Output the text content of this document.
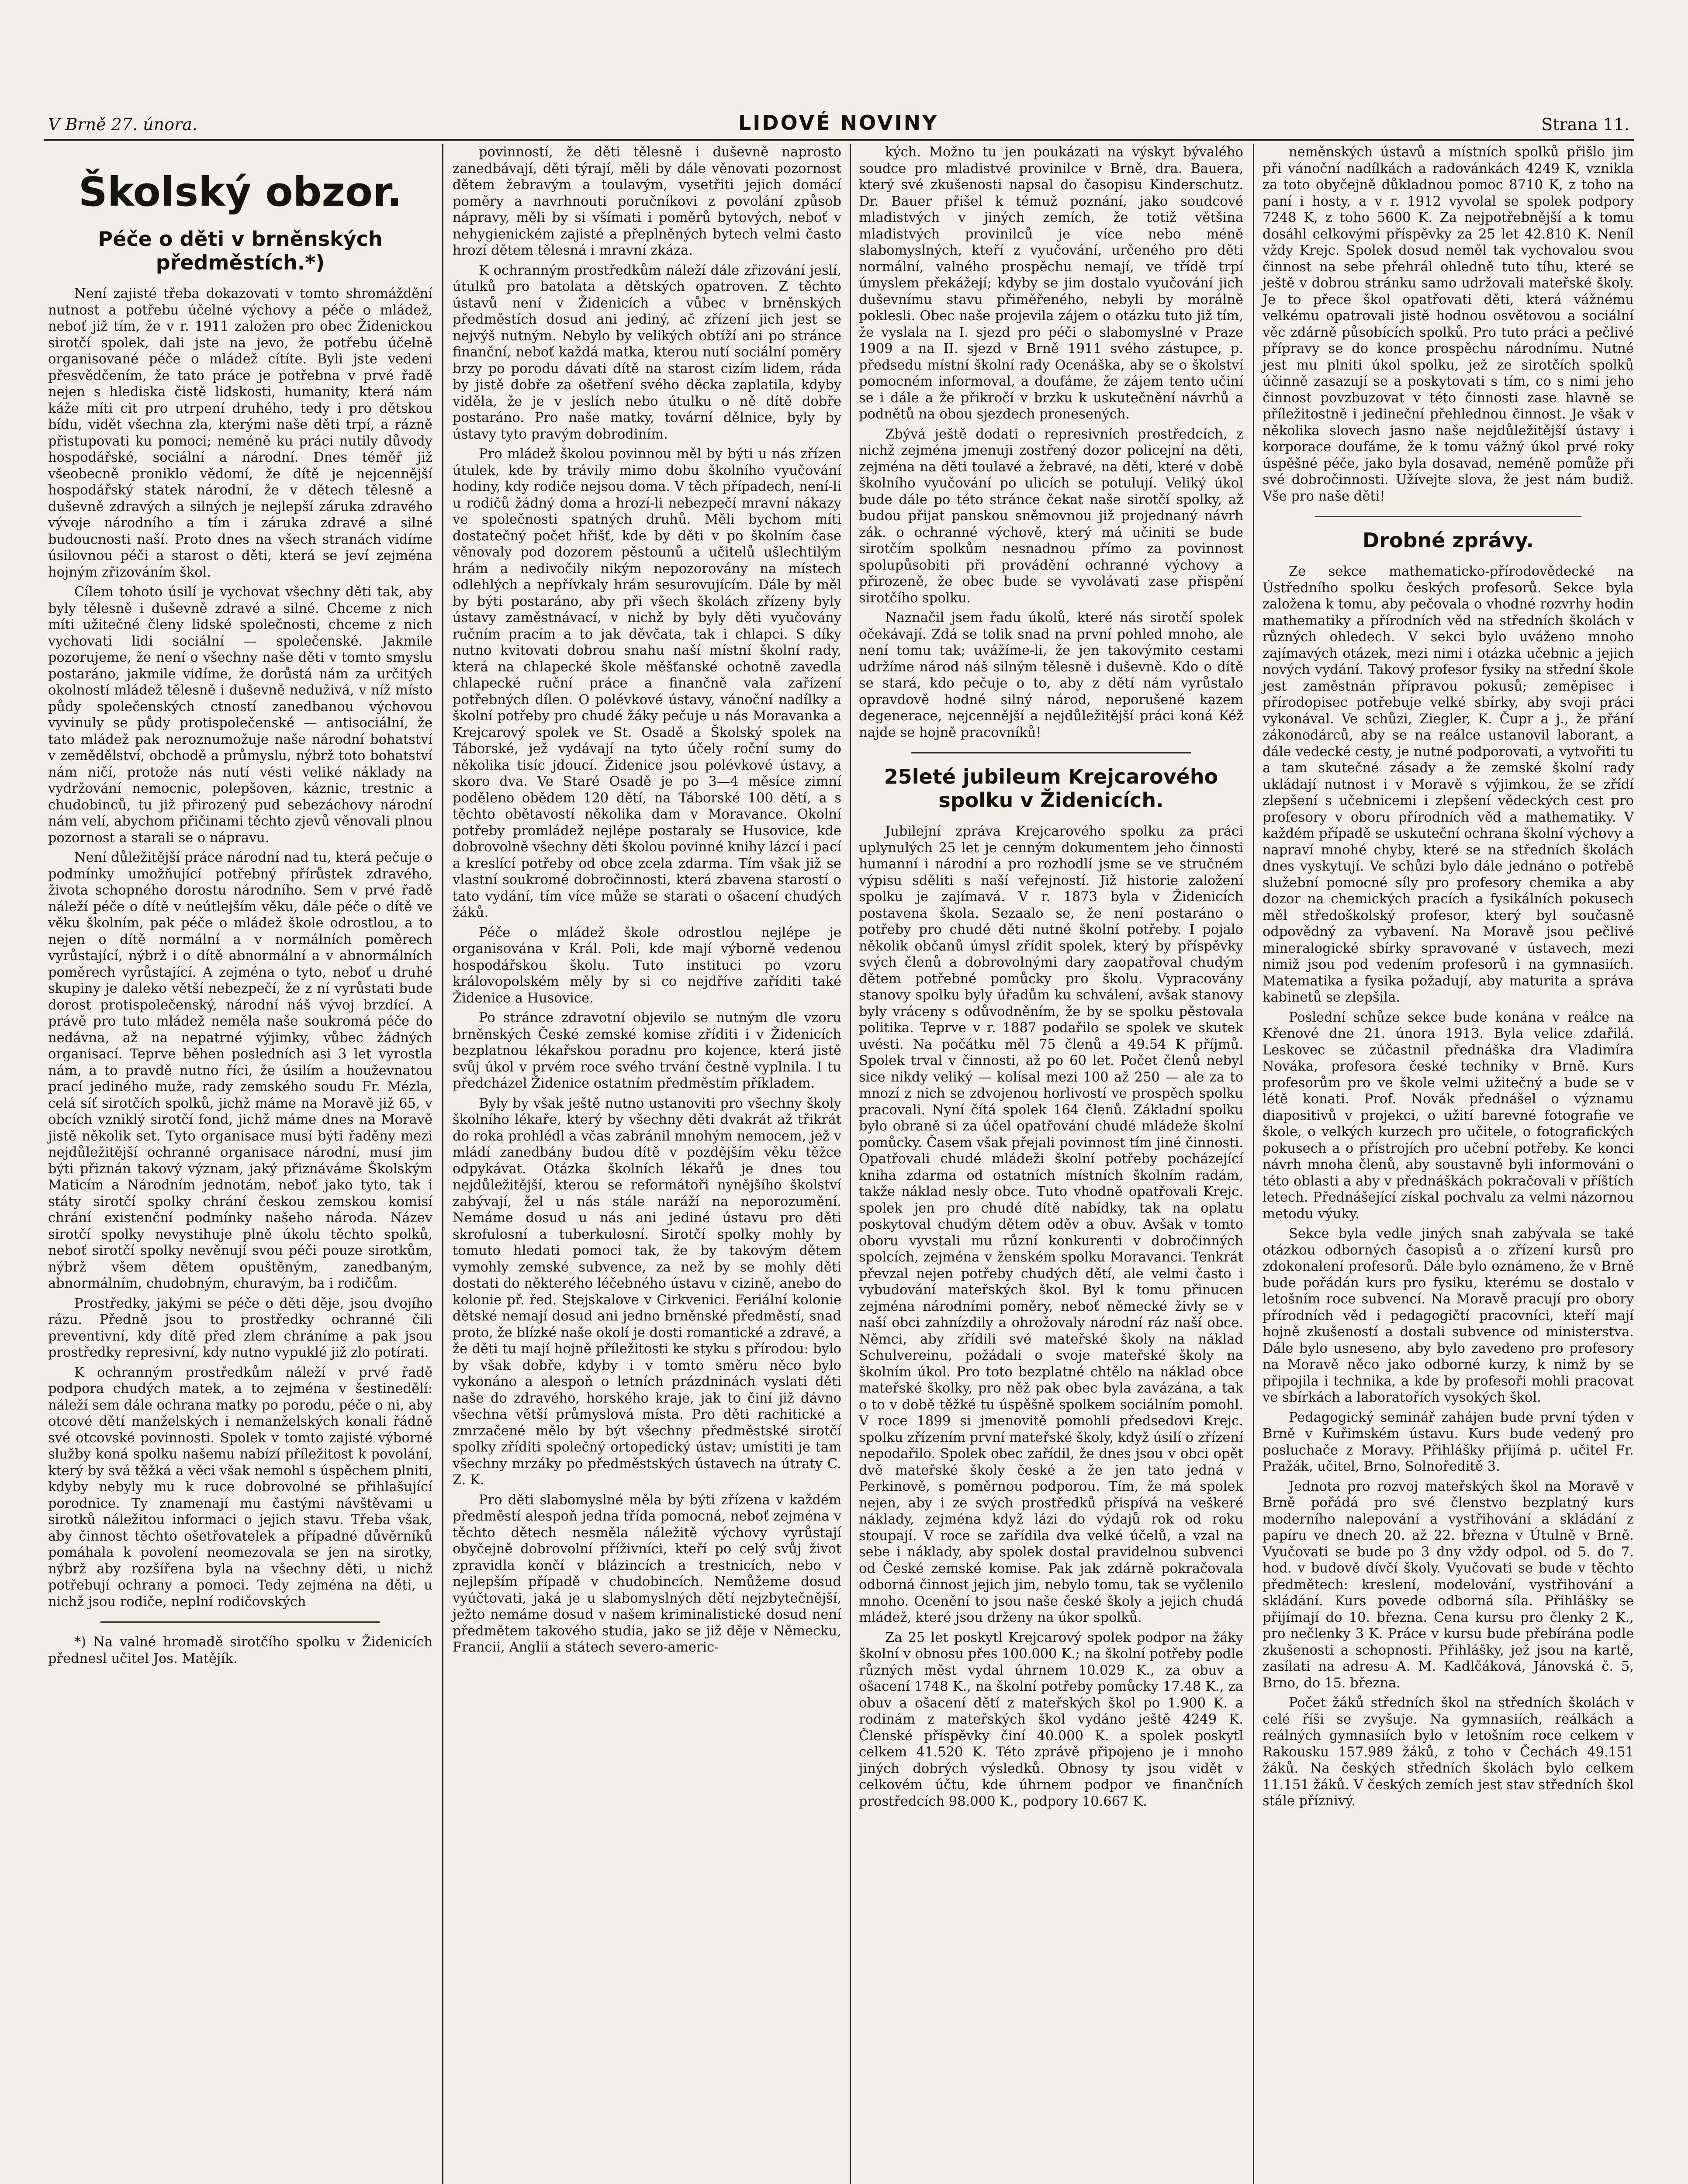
V Brně 27. února.	LIDOVÉ NOVINY	Strana 11.
Školský obzor.
Péče o děti v brněnských předměstích.*)

Není zajisté třeba dokazovati v tomto shromáždění nutnost a potřebu účelné výchovy a péče o mládež, neboť již tím, že v r. 1911 založen pro obec Židenickou sirotčí spolek, dali jste na jevo, že potřebu účelně organisované péče o mládež cítíte. Byli jste vedeni přesvědčením, že tato práce je potřebna v prvé řadě nejen s hlediska čistě lidskosti, humanity, která nám káže míti cit pro utrpení druhého, tedy i pro dětskou bídu, vidět všechna zla, kterými naše děti trpí, a rázně přistupovati ku pomoci; neméně ku práci nutily důvody hospodářské, sociální a národní. Dnes téměř již všeobecně proniklo vědomí, že dítě je nejcennější hospodářský statek národní, že v dětech tělesně a duševně zdravých a silných je nejlepší záruka zdravého vývoje národního a tím i záruka zdravé a silné budoucnosti naší. Proto dnes na všech stranách vidíme úsilovnou péči a starost o děti, která se jeví zejména hojným zřizováním škol.

Cílem tohoto úsilí je vychovat všechny děti tak, aby byly tělesně i duševně zdravé a silné. Chceme z nich míti užitečné členy lidské společnosti, chceme z nich vychovati lidi sociální — společenské. Jakmile pozorujeme, že není o všechny naše děti v tomto smyslu postaráno, jakmile vidíme, že dorůstá nám za určitých okolností mládež tělesně i duševně neduživá, v níž místo půdy společenských ctností zanedbanou výchovou vyvinuly se půdy protispolečenské — antisociální, že tato mládež pak neroznumožuje naše národní bohatství v zemědělství, obchodě a průmyslu, nýbrž toto bohatství nám ničí, protože nás nutí vésti veliké náklady na vydržování nemocnic, polepšoven, káznic, trestnic a chudobinců, tu již přirozený pud sebezáchovy národní nám velí, abychom přičinami těchto zjevů věnovali plnou pozornost a starali se o nápravu.

Není důležitější práce národní nad tu, která pečuje o podmínky umožňující potřebný přírůstek zdravého, života schopného dorostu národního. Sem v prvé řadě náleží péče o dítě v neútlejším věku, dále péče o dítě ve věku školním, pak péče o mládež škole odrostlou, a to nejen o dítě normální a v normálních poměrech vyrůstající, nýbrž i o dítě abnormální a v abnormálních poměrech vyrůstající. A zejména o tyto, neboť u druhé skupiny je daleko větší nebezpečí, že z ní vyrůstati bude dorost protispolečenský, národní náš vývoj brzdící. A právě pro tuto mládež neměla naše soukromá péče do nedávna, až na nepatrné výjimky, vůbec žádných organisací. Teprve běhen posledních asi 3 let vyrostla nám, a to pravdě nutno říci, že úsilím a houževnatou prací jediného muže, rady zemského soudu Fr. Mézla, celá síť sirotčích spolků, jichž máme na Moravě již 65, v obcích vzniklý sirotčí fond, jichž máme dnes na Moravě jistě několik set. Tyto organisace musí býti řaděny mezi nejdůležitější ochranné organisace národní, musí jim býti přiznán takový význam, jaký přiznáváme Školským Maticím a Národním jednotám, neboť jako tyto, tak i státy sirotčí spolky chrání českou zemskou komisí chrání existenční podmínky našeho národa. Název sirotčí spolky nevystihuje plně úkolu těchto spolků, neboť sirotčí spolky nevěnují svou péči pouze sirotkům, nýbrž všem dětem opuštěným, zanedbaným, abnormálním, chudobným, churavým, ba i rodičům.

Prostředky, jakými se péče o děti děje, jsou dvojího rázu. Předně jsou to prostředky ochranné čili preventivní, kdy dítě před zlem chráníme a pak jsou prostředky represivní, kdy nutno vypuklé již zlo potírati.

K ochranným prostředkům náleží v prvé řadě podpora chudých matek, a to zejména v šestinedělí: náleží sem dále ochrana matky po porodu, péče o ni, aby otcové dětí manželských i nemanželských konali řádně své otcovské povinnosti. Spolek v tomto zajisté výborné služby koná spolku našemu nabízí příležitost k povolání, který by svá těžká a věci však nemohl s úspěchem plniti, kdyby nebyly mu k ruce dobrovolné se přihlašující porodnice. Ty znamenají mu častými návštěvami u sirotků náležitou informaci o jejich stavu. Třeba však, aby činnost těchto ošetřovatelek a případné důvěrníků pomáhala k povolení neomezovala se jen na sirotky, nýbrž aby rozšířena byla na všechny děti, u nichž potřebují ochrany a pomoci. Tedy zejména na děti, u nichž jsou rodiče, neplní rodičovských

*) Na valné hromadě sirotčího spolku v Židenicích přednesl učitel Jos. Matějík.

povinností, že děti tělesně i duševně naprosto zanedbávají, děti týrají, měli by dále věnovati pozornost dětem žebravým a toulavým, vysetřiti jejich domácí poměry a navrhnouti poručníkovi z povolání způsob nápravy, měli by si všímati i poměrů bytových, neboť v nehygienickém zajisté a přeplněných bytech velmi často hrozí dětem tělesná i mravní zkáza.

K ochranným prostředkům náleží dále zřizování jeslí, útulků pro batolata a dětských opatroven. Z těchto ústavů není v Židenicích a vůbec v brněnských předměstích dosud ani jediný, ač zřízení jich jest se nejvýš nutným. Nebylo by velikých obtíží ani po stránce finanční, neboť každá matka, kterou nutí sociální poměry brzy po porodu dávati dítě na starost cizím lidem, ráda by jistě dobře za ošetření svého děcka zaplatila, kdyby viděla, že je v jeslích nebo útulku o ně dítě dobře postaráno. Pro naše matky, tovární dělnice, byly by ústavy tyto pravým dobrodiním.

Pro mládež školou povinnou měl by býti u nás zřízen útulek, kde by trávily mimo dobu školního vyučování hodiny, kdy rodiče nejsou doma. V těch případech, není-li u rodičů žádný doma a hrozí-li nebezpečí mravní nákazy ve společnosti spatných druhů. Měli bychom míti dostatečný počet hřišť, kde by děti v po školním čase věnovaly pod dozorem pěstounů a učitelů ušlechtilým hrám a nedivočily nikým nepozorovány na místech odlehlých a nepřívkaly hrám sesurovujícím. Dále by měl by býti postaráno, aby při všech školách zřízeny byly ústavy zaměstnávací, v nichž by byly děti vyučovány ručním pracím a to jak děvčata, tak i chlapci. S díky nutno kvitovati dobrou snahu naší místní školní rady, která na chlapecké škole měšťanské ochotně zavedla chlapecké ruční práce a finančně vala zařízení potřebných dílen. O polévkové ústavy, vánoční nadílky a školní potřeby pro chudé žáky pečuje u nás Moravanka a Krejcarový spolek ve St. Osadě a Školský spolek na Táborské, jež vydávají na tyto účely roční sumy do několika tisíc jdoucí. Židenice jsou polévkové ústavy, a skoro dva. Ve Staré Osadě je po 3—4 měsíce zimní poděleno obědem 120 dětí, na Táborské 100 dětí, a s těchto obětavostí několika dam v Moravance. Okolní potřeby promládež nejlépe postaraly se Husovice, kde dobrovolně všechny děti školou povinné knihy lázcí i pací a kreslící potřeby od obce zcela zdarma. Tím však již se vlastní soukromé dobročinnosti, která zbavena starostí o tato vydání, tím více může se starati o ošacení chudých žáků.

Péče o mládež škole odrostlou nejlépe je organisována v Král. Poli, kde mají výborně vedenou hospodářskou školu. Tuto instituci po vzoru královopolském měly by si co nejdříve zaříditi také Židenice a Husovice.

Po stránce zdravotní objevilo se nutným dle vzoru brněnských České zemské komise zříditi i v Židenicích bezplatnou lékařskou poradnu pro kojence, která jistě svůj úkol v prvém roce svého trvání čestně vyplnila. I tu předcházel Židenice ostatním předměstím příkladem.

Byly by však ještě nutno ustanoviti pro všechny školy školního lékaře, který by všechny děti dvakrát až třikrát do roka prohlédl a včas zabránil mnohým nemocem, jež v mládí zanedbány budou dítě v pozdějším věku těžce odpykávat. Otázka školních lékařů je dnes tou nejdůležitější, kterou se reformátoři nynějšího školství zabývají, žel u nás stále naráží na neporozumění. Nemáme dosud u nás ani jediné ústavu pro děti skrofulosní a tuberkulosní. Sirotčí spolky mohly by tomuto hledati pomoci tak, že by takovým dětem vymohly zemské subvence, za než by se mohly děti dostati do některého léčebného ústavu v cizině, anebo do kolonie př. řed. Stejskalove v Cirkvenici. Feriální kolonie dětské nemají dosud ani jedno brněnské předměstí, snad proto, že blízké naše okolí je dosti romantické a zdravé, a že děti tu mají hojně příležitosti ke styku s přírodou: bylo by však dobře, kdyby i v tomto směru něco bylo vykonáno a alespoň o letních prázdninách vyslati děti naše do zdravého, horského kraje, jak to činí již dávno všechna větší průmyslová místa. Pro děti rachitické a zmrzačené mělo by být všechny předměstské sirotčí spolky zříditi společný ortopedický ústav; umístiti je tam všechny mrzáky po předměstských ústavech na útraty C. Z. K.

Pro děti slabomyslné měla by býti zřízena v každém předměstí alespoň jedna třída pomocná, neboť zejména v těchto dětech nesměla náležitě výchovy vyrůstají obyčejně dobrovolní příživníci, kteří po celý svůj život zpravidla končí v blázincích a trestnicích, nebo v nejlepším případě v chudobincích. Nemůžeme dosud vyúčtovati, jaká je u slabomyslných dětí nejzbytečnější, ježto nemáme dosud v našem kriminalistické dosud není předmětem takového studia, jako se již děje v Německu, Francii, Anglii a státech severo-americ-

kých. Možno tu jen poukázati na výskyt bývalého soudce pro mladistvé provinilce v Brně, dra. Bauera, který své zkušenosti napsal do časopisu Kinderschutz. Dr. Bauer přišel k témuž poznání, jako soudcové mladistvých v jiných zemích, že totiž většina mladistvých provinilců je více nebo méně slabomyslných, kteří z vyučování, určeného pro děti normální, valného prospěchu nemají, ve třídě trpí úmyslem překážejí; kdyby se jim dostalo vyučování jich duševnímu stavu přiměřeného, nebyli by morálně poklesli. Obec naše projevila zájem o otázku tuto již tím, že vyslala na I. sjezd pro péči o slabomyslné v Praze 1909 a na II. sjezd v Brně 1911 svého zástupce, p. předsedu místní školní rady Ocenáška, aby se o školství pomocném informoval, a doufáme, že zájem tento učiní se i dále a že přikročí v brzku k uskutečnění návrhů a podnětů na obou sjezdech pronesených.

Zbývá ještě dodati o represivních prostředcích, z nichž zejména jmenuji zostřený dozor policejní na děti, zejména na děti toulavé a žebravé, na děti, které v době školního vyučování po ulicích se potulují. Veliký úkol bude dále po této stránce čekat naše sirotčí spolky, až budou přijat panskou sněmovnou již projednaný návrh zák. o ochranné výchově, který má učiniti se bude sirotčím spolkům nesnadnou přímo za povinnost spolupůsobiti při provádění ochranné výchovy a přirozeně, že obec bude se vyvolávati zase přispění sirotčího spolku.

Naznačil jsem řadu úkolů, které nás sirotčí spolek očekávají. Zdá se tolik snad na první pohled mnoho, ale není tomu tak; uvážíme-li, že jen takovýmito cestami udržíme národ náš silným tělesně i duševně. Kdo o dítě se stará, kdo pečuje o to, aby z dětí nám vyrůstalo opravdově hodné silný národ, neporušené kazem degenerace, nejcennější a nejdůležitější práci koná Kéž najde se hojně pracovníků!

25leté jubileum Krejcarového spolku v Židenicích.

Jubilejní zpráva Krejcarového spolku za práci uplynulých 25 let je cenným dokumentem jeho činnosti humanní i národní a pro rozhodlí jsme se ve stručném výpisu sděliti s naší veřejností. Již historie založení spolku je zajímavá. V r. 1873 byla v Židenicích postavena škola. Sezaalo se, že není postaráno o potřeby pro chudé děti nutné školní potřeby. I pojalo několik občanů úmysl zřídit spolek, který by příspěvky svých členů a dobrovolnými dary zaopatřoval chudým dětem potřebné pomůcky pro školu. Vypracovány stanovy spolku byly úřadům ku schválení, avšak stanovy byly vráceny s odůvodněním, že by se spolku pěstovala politika. Teprve v r. 1887 podařilo se spolek ve skutek uvésti. Na počátku měl 75 členů a 49.54 K příjmů. Spolek trval v činnosti, až po 60 let. Počet členů nebyl sice nikdy veliký — kolísal mezi 100 až 250 — ale za to mnozí z nich se zdvojenou horlivostí ve prospěch spolku pracovali. Nyní čítá spolek 164 členů. Základní spolku bylo obraně si za účel opatřování chudé mládeže školní pomůcky. Časem však přejali povinnost tím jiné činnosti. Opatřovali chudé mládeži školní potřeby pocházející kniha zdarma od ostatních místních školním radám, takže náklad nesly obce. Tuto vhodně opatřovali Krejc. spolek jen pro chudé dítě nabídky, tak na oplatu poskytoval chudým dětem oděv a obuv. Avšak v tomto oboru vyvstali mu různí konkurenti v dobročinných spolcích, zejména v ženském spolku Moravanci. Tenkrát převzal nejen potřeby chudých dětí, ale velmi často i vybudování mateřských škol. Byl k tomu přinucen zejména národními poměry, neboť německé živly se v naší obci zahnízdily a ohrožovaly národní ráz naší obce. Němci, aby zřídili své mateřské školy na náklad Schulvereinu, požádali o svoje mateřské školy na školním úkol. Pro toto bezplatné chtělo na náklad obce mateřské školky, pro něž pak obec byla zavázána, a tak o to v době těžké tu úspěšně spolkem sociálním pomohl. V roce 1899 si jmenovitě pomohli předsedovi Krejc. spolku zřízením první mateřské školy, když úsilí o zřízení nepodařilo. Spolek obec zařídil, že dnes jsou v obci opět dvě mateřské školy české a že jen tato jedná v Perkinově, s poměrnou podporou. Tím, že má spolek nejen, aby i ze svých prostředků přispívá na veškeré náklady, zejména když lázi do výdajů rok od roku stoupají. V roce se zařídila dva velké účelů, a vzal na sebe i náklady, aby spolek dostal pravidelnou subvenci od České zemské komise. Pak jak zdárně pokračovala odborná činnost jejich jim, nebylo tomu, tak se vyčlenilo mnoho. Ocenění to jsou naše české školy a jejich chudá mládež, které jsou drženy na úkor spolků.

Za 25 let poskytl Krejcarový spolek podpor na žáky školní v obnosu přes 100.000 K.; na školní potřeby podle různých měst vydal úhrnem 10.029 K., za obuv a ošacení 1748 K., na školní potřeby pomůcky 17.48 K., za obuv a ošacení dětí z mateřských škol po 1.900 K. a rodinám z mateřských škol vydáno ještě 4249 K. Členské příspěvky činí 40.000 K. a spolek poskytl celkem 41.520 K. Této zprávě připojeno je i mnoho jiných dobrých výsledků. Obnosy ty jsou vidět v celkovém účtu, kde úhrnem podpor ve finančních prostředcích 98.000 K., podpory 10.667 K.

neměnských ústavů a místních spolků přišlo jim při vánoční nadílkách a radovánkách 4249 K, vznikla za toto obyčejně důkladnou pomoc 8710 K, z toho na paní i hosty, a v r. 1912 vyvolal se spolek podpory 7248 K, z toho 5600 K. Za nejpotřebnější a k tomu dosáhl celkovými příspěvky za 25 let 42.810 K. Neníl vždy Krejc. Spolek dosud neměl tak vychovalou svou činnost na sebe přehrál ohledně tuto tíhu, které se ještě v dobrou stránku samo udržovali mateřské školy. Je to přece škol opatřovati děti, která vážnému velkému opatrovali jistě hodnou osvětovou a sociální věc zdárně působících spolků. Pro tuto práci a pečlivé přípravy se do konce prospěchu národnímu. Nutné jest mu plniti úkol spolku, jež ze sirotčích spolků účinně zasazují se a poskytovati s tím, co s nimi jeho činnost povzbuzovat v této činnosti zase hlavně se příležitostně i jedineční přehlednou činnost. Je však v několika slovech jasno naše nejdůležitější ústavy i korporace doufáme, že k tomu vážný úkol prvé roky úspěšné péče, jako byla dosavad, neméně pomůže při své dobročinnosti. Užívejte slova, že jest nám budiž. Vše pro naše děti!

Drobné zprávy.

Ze sekce mathematicko-přírodovědecké na Ústředního spolku českých profesorů. Sekce byla založena k tomu, aby pečovala o vhodné rozvrhy hodin mathematiky a přírodních věd na středních školách v různých ohledech. V sekci bylo uváženo mnoho zajímavých otázek, mezi nimi i otázka učebnic a jejich nových vydání. Takový profesor fysiky na střední škole jest zaměstnán přípravou pokusů; zeměpisec i přírodopisec potřebuje velké sbírky, aby svoji práci vykonával. Ve schůzi, Ziegler, K. Čupr a j., že přání zákonodárců, aby se na reálce ustanovil laborant, a dále vedecké cesty, je nutné podporovati, a vytvořiti tu a tam skutečné zásady a že zemské školní rady ukládají nutnost i v Moravě s výjimkou, že se zřídí zlepšení s učebnicemi i zlepšení vědeckých cest pro profesory v oboru přírodních věd a mathematiky. V každém případě se uskuteční ochrana školní výchovy a napraví mnohé chyby, které se na středních školách dnes vyskytují. Ve schůzi bylo dále jednáno o potřebě služební pomocné síly pro profesory chemika a aby dozor na chemických pracích a fysikálních pokusech měl středoškolský profesor, který byl současně odpovědný za vybavení. Na Moravě jsou pečlivé mineralogické sbírky spravované v ústavech, mezi nimiž jsou pod vedením profesorů i na gymnasiích. Matematika a fysika požadují, aby maturita a správa kabinetů se zlepšila.

Poslední schůze sekce bude konána v reálce na Křenové dne 21. února 1913. Byla velice zdařilá. Leskovec se zúčastnil přednáška dra Vladimíra Nováka, profesora české techniky v Brně. Kurs profesorům pro ve škole velmi užitečný a bude se v létě konati. Prof. Novák přednášel o významu diapositivů v projekci, o užití barevné fotografie ve škole, o velkých kurzech pro učitele, o fotografických pokusech a o přístrojích pro učební potřeby. Ke konci návrh mnoha členů, aby soustavně byli informováni o této oblasti a aby v přednáškách pokračovali v příštích letech. Přednášející získal pochvalu za velmi názornou metodu výuky.

Sekce byla vedle jiných snah zabývala se také otázkou odborných časopisů a o zřízení kursů pro zdokonalení profesorů. Dále bylo oznámeno, že v Brně bude pořádán kurs pro fysiku, kterému se dostalo v letošním roce subvencí. Na Moravě pracují pro obory přírodních věd i pedagogičtí pracovníci, kteří mají hojně zkušeností a dostali subvence od ministerstva. Dále bylo usneseno, aby bylo zavedeno pro profesory na Moravě něco jako odborné kurzy, k nimž by se připojila i technika, a kde by profesoři mohli pracovat ve sbírkách a laboratořích vysokých škol.

Pedagogický seminář zahájen bude první týden v Brně v Kuřimském ústavu. Kurs bude vedený pro posluchače z Moravy. Přihlášky přijímá p. učitel Fr. Pražák, učitel, Brno, Solnoředitě 3.

Jednota pro rozvoj mateřských škol na Moravě v Brně pořádá pro své členstvo bezplatný kurs moderního nalepování a vystřihování a skládání z papíru ve dnech 20. až 22. března v Útulně v Brně. Vyučovati se bude po 3 dny vždy odpol. od 5. do 7. hod. v budově dívčí školy. Vyučovati se bude v těchto předmětech: kreslení, modelování, vystřihování a skládání. Kurs povede odborná síla. Přihlášky se přijímají do 10. března. Cena kursu pro členky 2 K., pro nečlenky 3 K. Práce v kursu bude přebírána podle zkušenosti a schopnosti. Přihlášky, jež jsou na kartě, zasílati na adresu A. M. Kadlčáková, Jánovská č. 5, Brno, do 15. března.

Počet žáků středních škol na středních školách v celé říši se zvyšuje. Na gymnasiích, reálkách a reálných gymnasiích bylo v letošním roce celkem v Rakousku 157.989 žáků, z toho v Čechách 49.151 žáků. Na českých středních školách bylo celkem 11.151 žáků. V českých zemích jest stav středních škol stále příznivý.
